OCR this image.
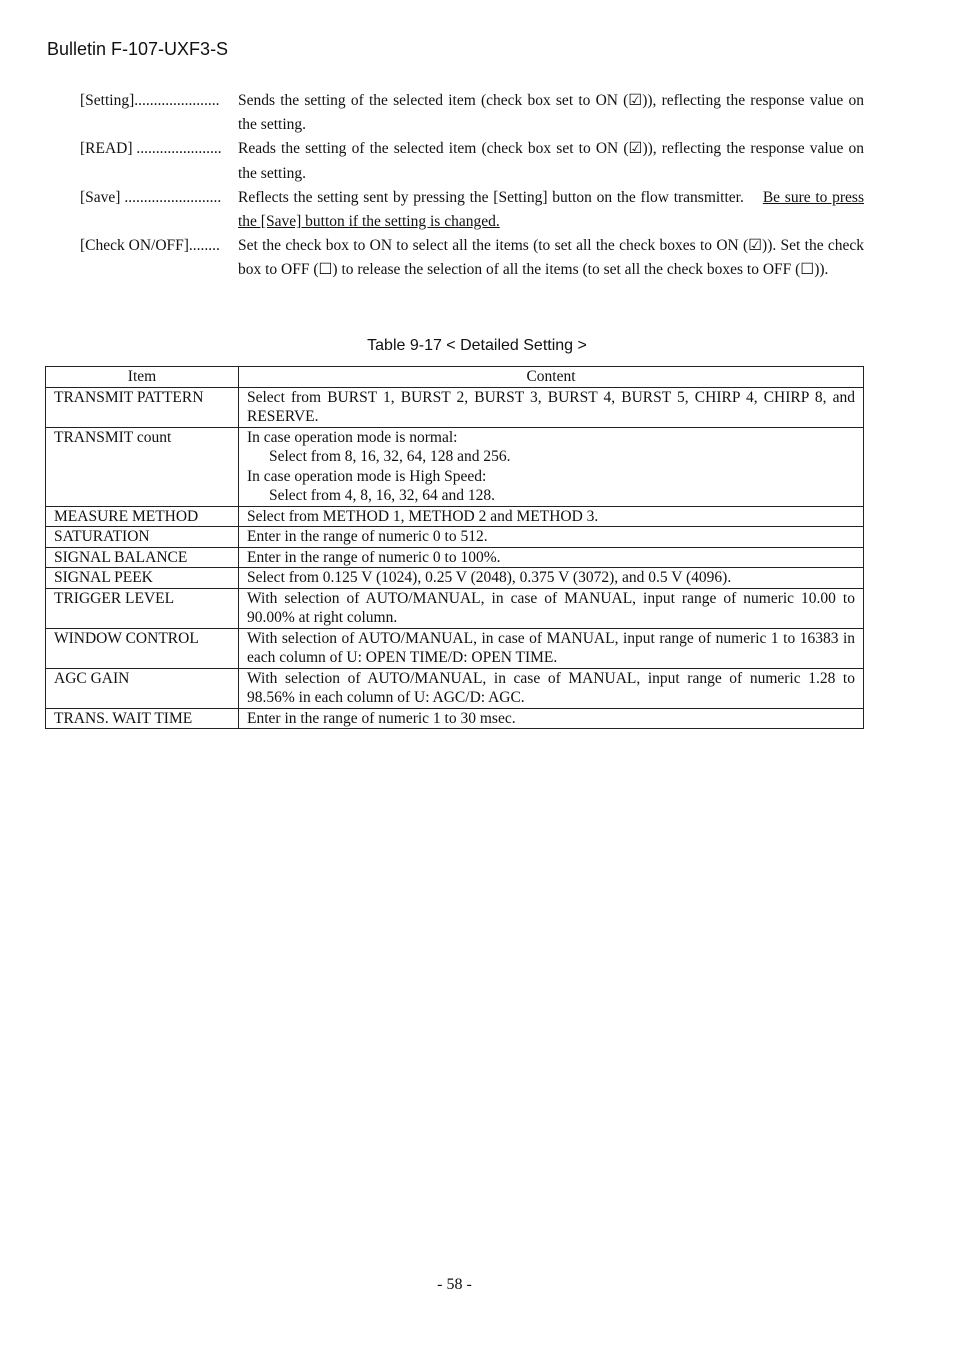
Bulletin F-107-UXF3-S
[Setting]......................	Sends the setting of the selected item (check box set to ON (☑)), reflecting the response value on the setting.
[READ] ......................	Reads the setting of the selected item (check box set to ON (☑)), reflecting the response value on the setting.
[Save] .........................	Reflects the setting sent by pressing the [Setting] button on the flow transmitter. Be sure to press the [Save] button if the setting is changed.
[Check ON/OFF]........	Set the check box to ON to select all the items (to set all the check boxes to ON (☑)). Set the check box to OFF (☐) to release the selection of all the items (to set all the check boxes to OFF (☐)).
Table 9-17 < Detailed Setting >
Item	Content
TRANSMIT PATTERN	Select from BURST 1, BURST 2, BURST 3, BURST 4, BURST 5, CHIRP 4, CHIRP 8, and RESERVE.

TRANSMIT count	In case operation mode is normal:
Select from 8, 16, 32, 64, 128 and 256.
In case operation mode is High Speed:
Select from 4, 8, 16, 32, 64 and 128.

MEASURE METHOD	Select from METHOD 1, METHOD 2 and METHOD 3.

SATURATION	Enter in the range of numeric 0 to 512.

SIGNAL BALANCE	Enter in the range of numeric 0 to 100%.

SIGNAL PEEK	Select from 0.125 V (1024), 0.25 V (2048), 0.375 V (3072), and 0.5 V (4096).

TRIGGER LEVEL	With selection of AUTO/MANUAL, in case of MANUAL, input range of numeric 10.00 to 90.00% at right column.

WINDOW CONTROL	With selection of AUTO/MANUAL, in case of MANUAL, input range of numeric 1 to 16383 in each column of U: OPEN TIME/D: OPEN TIME.

AGC GAIN	With selection of AUTO/MANUAL, in case of MANUAL, input range of numeric 1.28 to 98.56% in each column of U: AGC/D: AGC.

TRANS. WAIT TIME	Enter in the range of numeric 1 to 30 msec.
- 58 -
